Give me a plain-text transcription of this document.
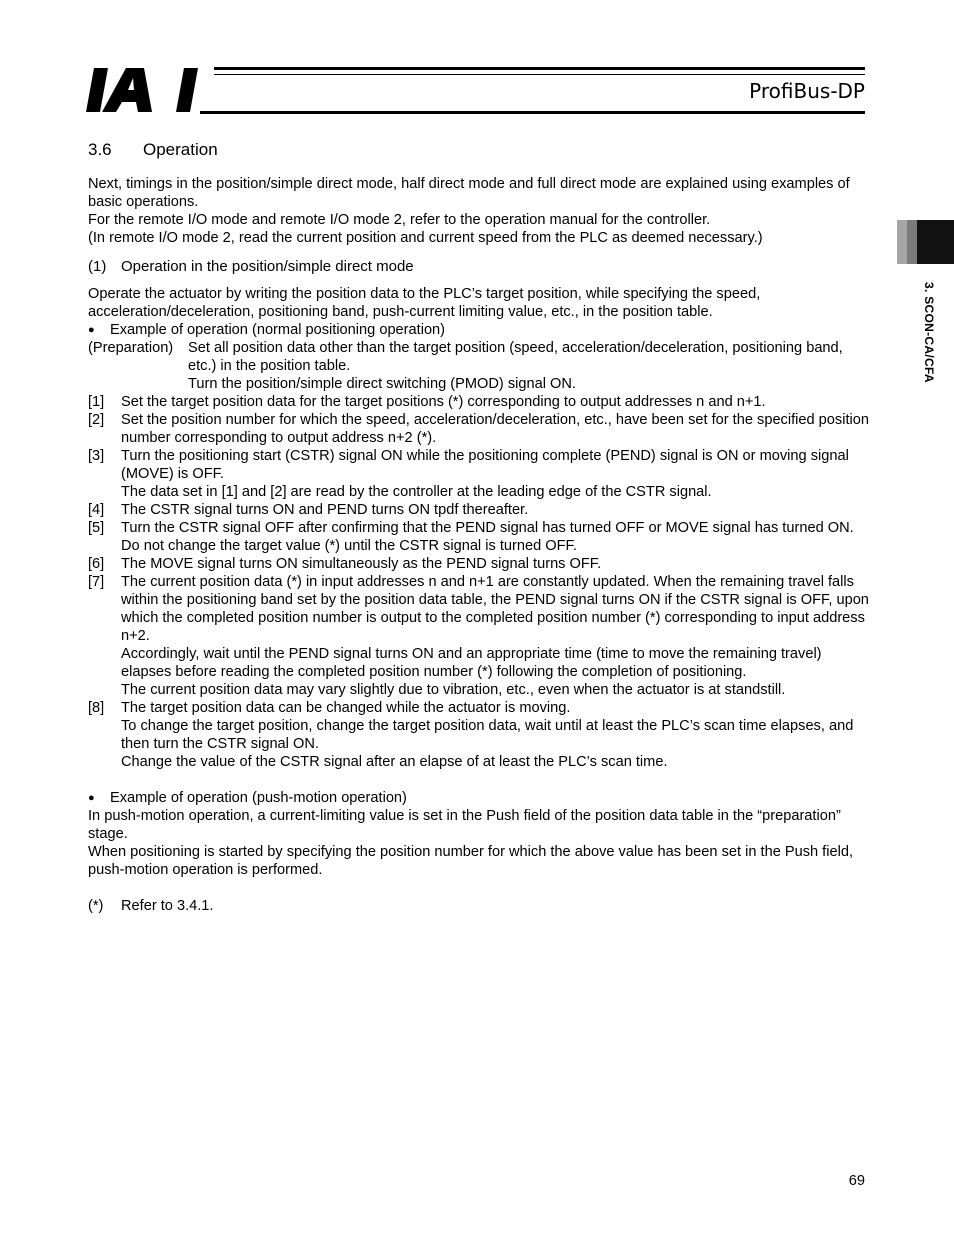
ProfiBus-DP
3. SCON-CA/CFA
3.6 Operation

Next, timings in the position/simple direct mode, half direct mode and full direct mode are explained using examples of basic operations.

For the remote I/O mode and remote I/O mode 2, refer to the operation manual for the controller.

(In remote I/O mode 2, read the current position and current speed from the PLC as deemed necessary.)

(1) Operation in the position/simple direct mode

Operate the actuator by writing the position data to the PLC’s target position, while specifying the speed, acceleration/deceleration, positioning band, push-current limiting value, etc., in the position table.

● Example of operation (normal positioning operation)

(Preparation) Set all position data other than the target position (speed, acceleration/deceleration, positioning band, etc.) in the position table.

Turn the position/simple direct switching (PMOD) signal ON.

[1] Set the target position data for the target positions (*) corresponding to output addresses n and n+1.

[2] Set the position number for which the speed, acceleration/deceleration, etc., have been set for the specified position number corresponding to output address n+2 (*).

[3] Turn the positioning start (CSTR) signal ON while the positioning complete (PEND) signal is ON or moving signal (MOVE) is OFF.

The data set in [1] and [2] are read by the controller at the leading edge of the CSTR signal.

[4] The CSTR signal turns ON and PEND turns ON tpdf thereafter.

[5] Turn the CSTR signal OFF after confirming that the PEND signal has turned OFF or MOVE signal has turned ON. Do not change the target value (*) until the CSTR signal is turned OFF.

[6] The MOVE signal turns ON simultaneously as the PEND signal turns OFF.

[7] The current position data (*) in input addresses n and n+1 are constantly updated. When the remaining travel falls within the positioning band set by the position data table, the PEND signal turns ON if the CSTR signal is OFF, upon which the completed position number is output to the completed position number (*) corresponding to input address n+2.

Accordingly, wait until the PEND signal turns ON and an appropriate time (time to move the remaining travel) elapses before reading the completed position number (*) following the completion of positioning.

The current position data may vary slightly due to vibration, etc., even when the actuator is at standstill.

[8] The target position data can be changed while the actuator is moving.

To change the target position, change the target position data, wait until at least the PLC’s scan time elapses, and then turn the CSTR signal ON.

Change the value of the CSTR signal after an elapse of at least the PLC’s scan time.

● Example of operation (push-motion operation)

In push-motion operation, a current-limiting value is set in the Push field of the position data table in the “preparation” stage.

When positioning is started by specifying the position number for which the above value has been set in the Push field, push-motion operation is performed.

(*) Refer to 3.4.1.

69
